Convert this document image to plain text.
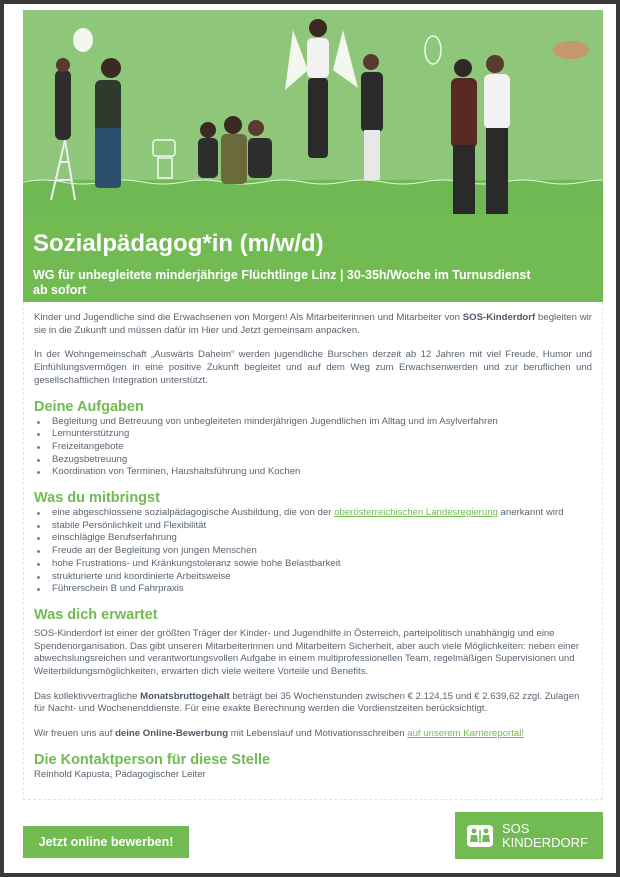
Sozialpädagog*in (m/w/d)
WG für unbegleitete minderjährige Flüchtlinge Linz | 30-35h/Woche im Turnusdienst
ab sofort

Kinder und Jugendliche sind die Erwachsenen von Morgen! Als Mitarbeiterinnen und Mitarbeiter von SOS-Kinderdorf begleiten wir sie in die Zukunft und müssen dafür im Hier und Jetzt gemeinsam anpacken.

In der Wohngemeinschaft „Auswärts Daheim“ werden jugendliche Burschen derzeit ab 12 Jahren mit viel Freude, Humor und Einfühlungsvermögen in eine positive Zukunft begleitet und auf dem Weg zum Erwachsenwerden und zur beruflichen und gesellschaftlichen Integration unterstützt.

Deine Aufgaben
Begleitung und Betreuung von unbegleiteten minderjährigen Jugendlichen im Alltag und im Asylverfahren
Lernunterstützung
Freizeitangebote
Bezugsbetreuung
Koordination von Terminen, Haushaltsführung und Kochen
Was du mitbringst
eine abgeschlossene sozialpädagogische Ausbildung, die von der oberösterreichischen Landesregierung anerkannt wird
stabile Persönlichkeit und Flexibilität
einschlägige Berufserfahrung
Freude an der Begleitung von jungen Menschen
hohe Frustrations- und Kränkungstoleranz sowie hohe Belastbarkeit
strukturierte und koordinierte Arbeitsweise
Führerschein B und Fahrpraxis
Was dich erwartet

SOS-Kinderdorf ist einer der größten Träger der Kinder- und Jugendhilfe in Österreich, parteipolitisch unabhängig und eine Spendenorganisation. Das gibt unseren Mitarbeiterinnen und Mitarbeitern Sicherheit, aber auch viele Möglichkeiten: neben einer abwechslungsreichen und verantwortungsvollen Aufgabe in einem multiprofessionellen Team, regelmäßigen Supervisionen und Weiterbildungsmöglichkeiten, erwarten dich viele weitere Vorteile und Benefits.

Das kollektivvertragliche Monatsbruttogehalt beträgt bei 35 Wochenstunden zwischen € 2.124,15 und € 2.639,62 zzgl. Zulagen für Nacht- und Wochenenddienste. Für eine exakte Berechnung werden die Vordienstzeiten berücksichtigt.

Wir freuen uns auf deine Online-Bewerbung mit Lebenslauf und Motivationsschreiben auf unserem Karriereportal!

Die Kontaktperson für diese Stelle

Reinhold Kapusta, Pädagogischer Leiter

Jetzt online bewerben!
SOS
KINDERDORF
